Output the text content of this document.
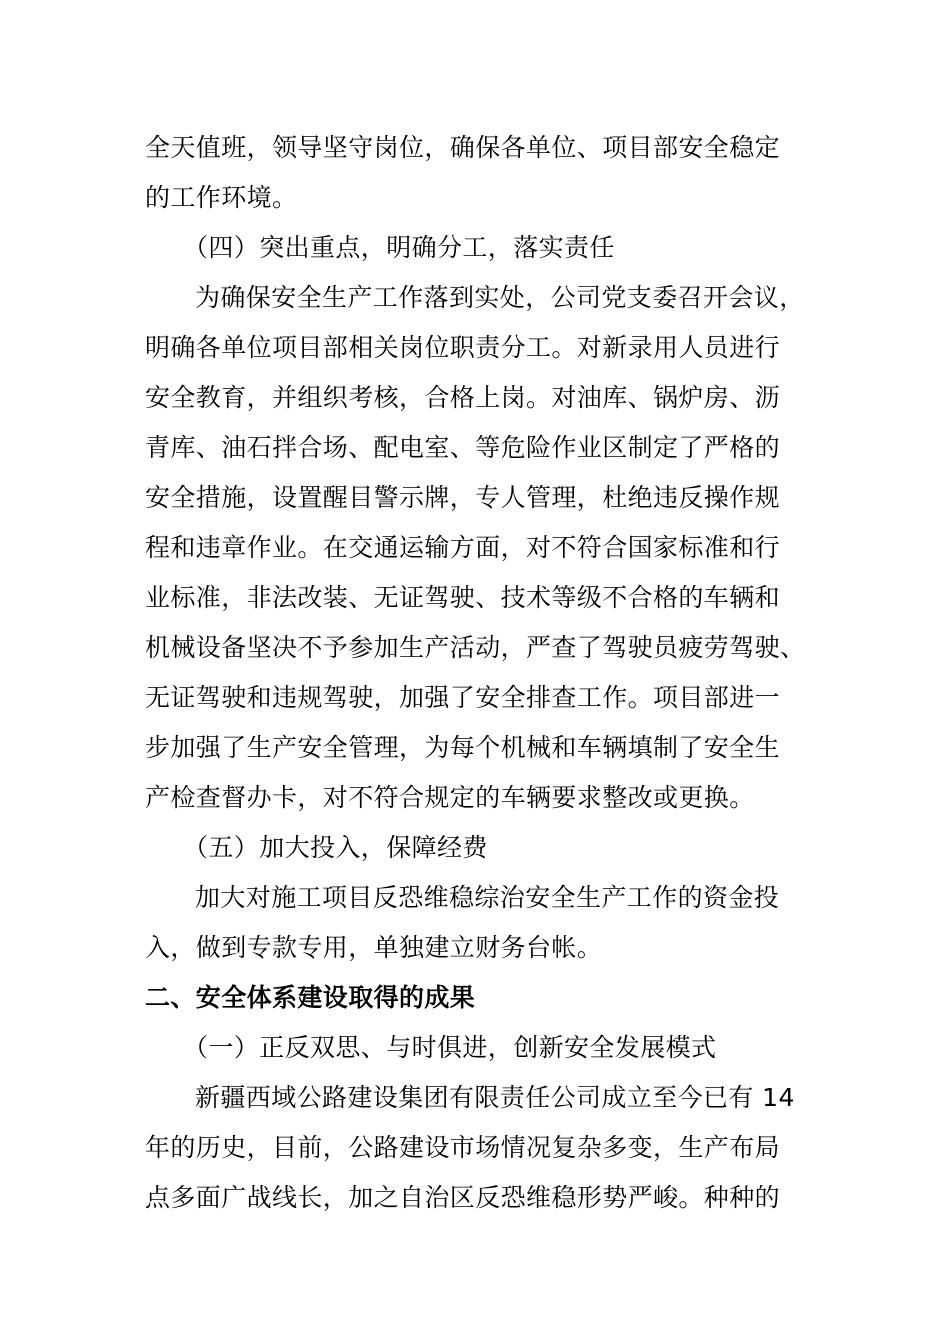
全天值班，领导坚守岗位，确保各单位、项目部安全稳定
的工作环境。
（四）突出重点，明确分工，落实责任
为确保安全生产工作落到实处，公司党支委召开会议，
明确各单位项目部相关岗位职责分工。对新录用人员进行
安全教育，并组织考核，合格上岗。对油库、锅炉房、沥
青库、油石拌合场、配电室、等危险作业区制定了严格的
安全措施，设置醒目警示牌，专人管理，杜绝违反操作规
程和违章作业。在交通运输方面，对不符合国家标准和行
业标准，非法改装、无证驾驶、技术等级不合格的车辆和
机械设备坚决不予参加生产活动，严查了驾驶员疲劳驾驶、
无证驾驶和违规驾驶，加强了安全排查工作。项目部进一
步加强了生产安全管理，为每个机械和车辆填制了安全生
产检查督办卡，对不符合规定的车辆要求整改或更换。
（五）加大投入，保障经费
加大对施工项目反恐维稳综治安全生产工作的资金投
入，做到专款专用，单独建立财务台帐。
二、安全体系建设取得的成果
（一）正反双思、与时俱进，创新安全发展模式
新疆西域公路建设集团有限责任公司成立至今已有 14
年的历史，目前，公路建设市场情况复杂多变，生产布局
点多面广战线长，加之自治区反恐维稳形势严峻。种种的
